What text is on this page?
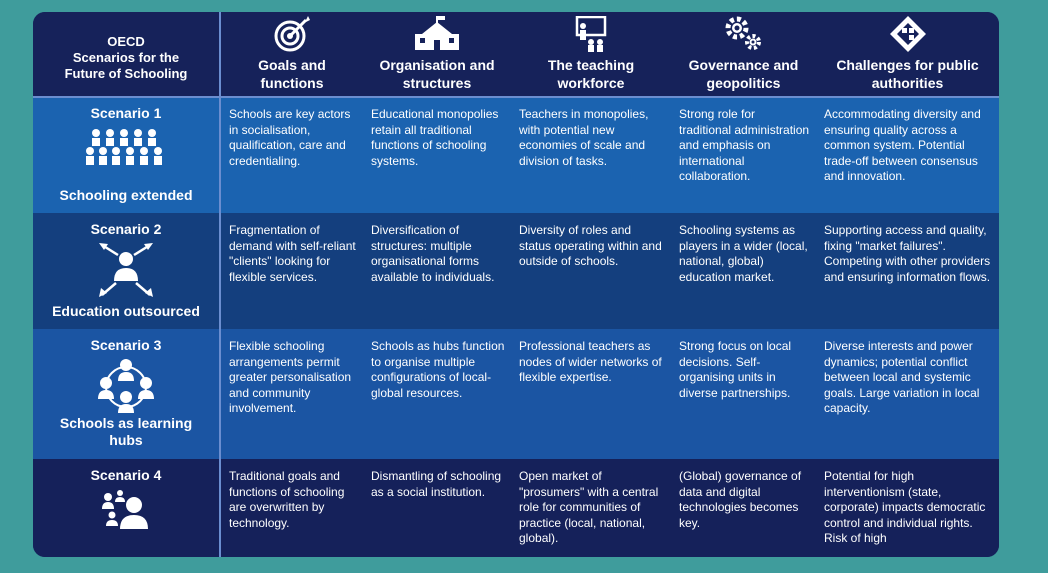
OECD
Scenarios for the
Future of Schooling
Goals and
functions
Organisation and
structures
The teaching
workforce
Governance and
geopolitics
Challenges for public
authorities
Scenario 1
Schooling extended
Schools are key actors in socialisation, qualification, care and credentialing.
Educational monopolies retain all traditional functions of schooling systems.
Teachers in monopolies, with potential new economies of scale and division of tasks.
Strong role for traditional administration and emphasis on international collaboration.
Accommodating diversity and ensuring quality across a common system. Potential trade-off between consensus and innovation.
Scenario 2
Education outsourced
Fragmentation of demand with self-reliant "clients" looking for flexible services.
Diversification of structures: multiple organisational forms available to individuals.
Diversity of roles and status operating within and outside of schools.
Schooling systems as players in a wider (local, national, global) education market.
Supporting access and quality, fixing "market failures". Competing with other providers and ensuring information flows.
Scenario 3
Schools as learning
hubs
Flexible schooling arrangements permit greater personalisation and community involvement.
Schools as hubs function to organise multiple configurations of local-global resources.
Professional teachers as nodes of wider networks of flexible expertise.
Strong focus on local decisions. Self-organising units in diverse partnerships.
Diverse interests and power dynamics; potential conflict between local and systemic goals. Large variation in local capacity.
Scenario 4	Traditional goals and functions of schooling are overwritten by technology.
Dismantling of schooling as a social institution.
Open market of "prosumers" with a central role for communities of practice (local, national, global).
(Global) governance of data and digital technologies becomes key.
Potential for high interventionism (state, corporate) impacts democratic control and individual rights. Risk of high
